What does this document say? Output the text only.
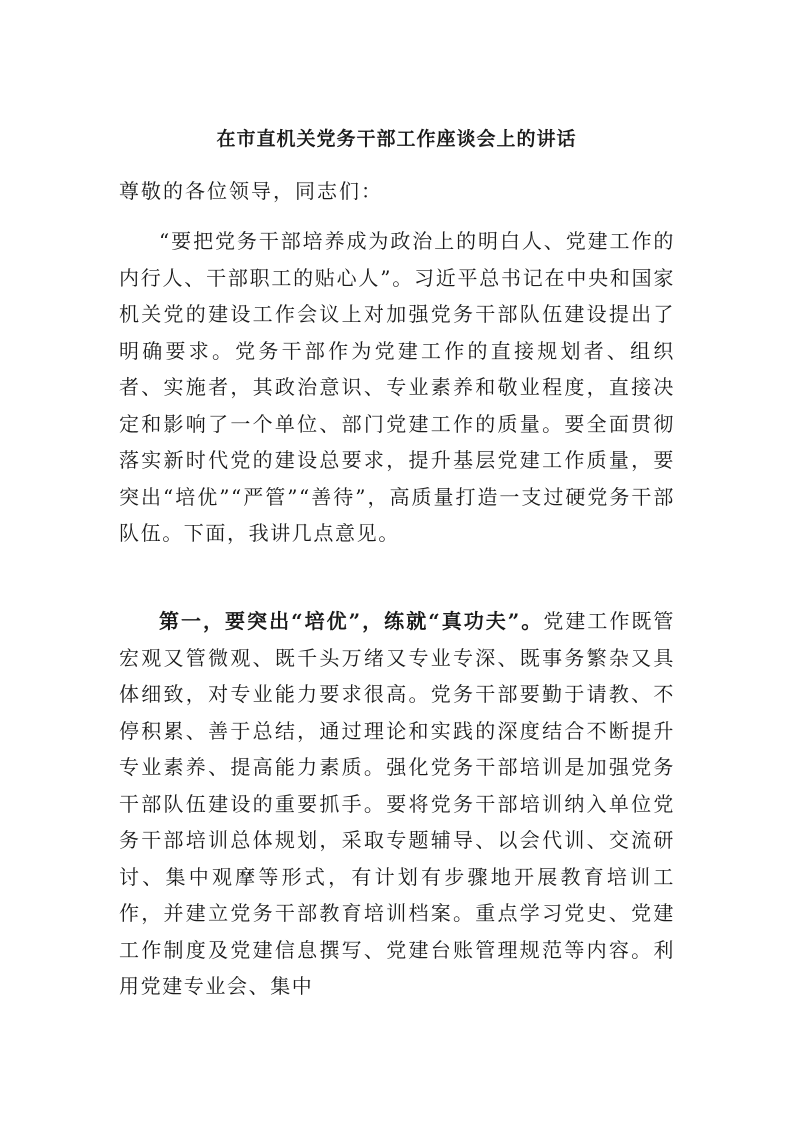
在市直机关党务干部工作座谈会上的讲话
尊敬的各位领导，同志们：

“要把党务干部培养成为政治上的明白人、党建工作的内行人、干部职工的贴心人”。习近平总书记在中央和国家机关党的建设工作会议上对加强党务干部队伍建设提出了明确要求。党务干部作为党建工作的直接规划者、组织者、实施者，其政治意识、专业素养和敬业程度，直接决定和影响了一个单位、部门党建工作的质量。要全面贯彻落实新时代党的建设总要求，提升基层党建工作质量，要突出“培优”“严管”“善待”，高质量打造一支过硬党务干部队伍。下面，我讲几点意见。

第一，要突出“培优”，练就“真功夫”。党建工作既管宏观又管微观、既千头万绪又专业专深、既事务繁杂又具体细致，对专业能力要求很高。党务干部要勤于请教、不停积累、善于总结，通过理论和实践的深度结合不断提升专业素养、提高能力素质。强化党务干部培训是加强党务干部队伍建设的重要抓手。要将党务干部培训纳入单位党务干部培训总体规划，采取专题辅导、以会代训、交流研讨、集中观摩等形式，有计划有步骤地开展教育培训工作，并建立党务干部教育培训档案。重点学习党史、党建工作制度及党建信息撰写、党建台账管理规范等内容。利用党建专业会、集中
